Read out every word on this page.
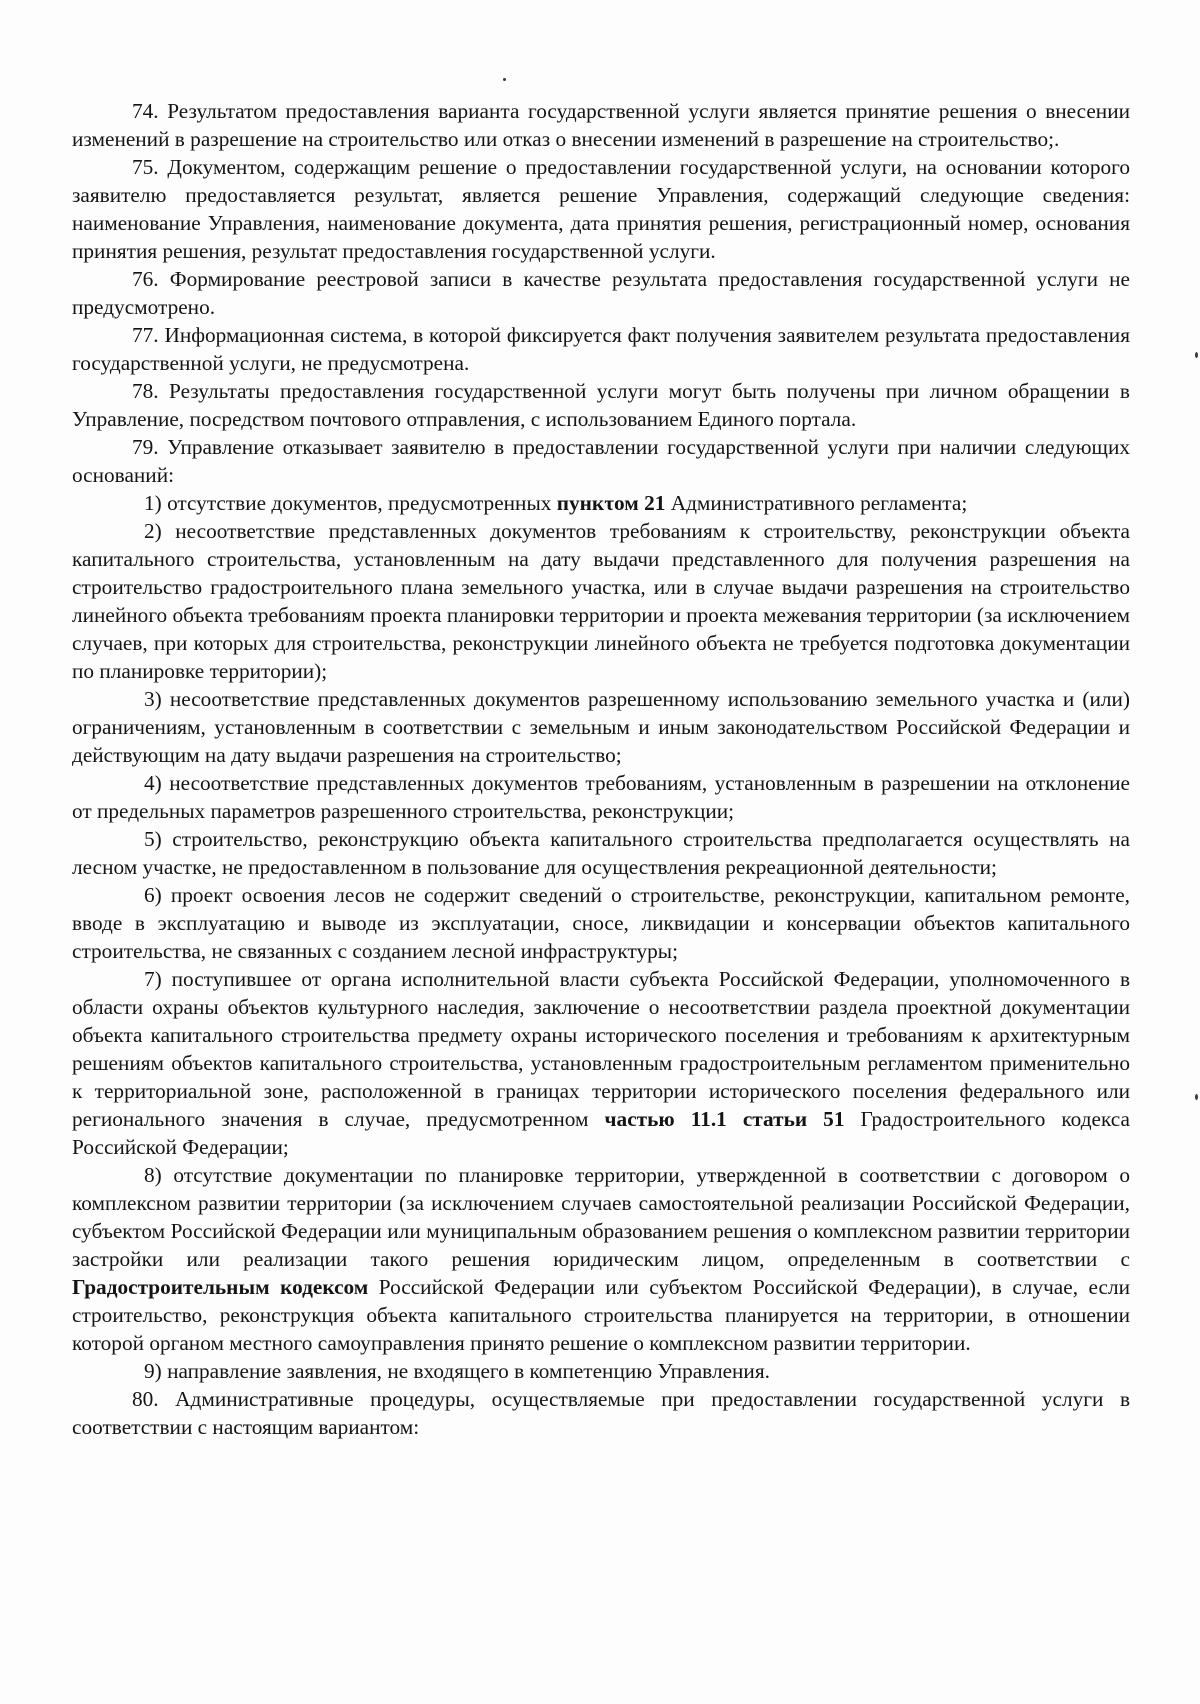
74. Результатом предоставления варианта государственной услуги является принятие решения о внесении изменений в разрешение на строительство или отказ о внесении изменений в разрешение на строительство;.

75. Документом, содержащим решение о предоставлении государственной услуги, на основании которого заявителю предоставляется результат, является решение Управления, содержащий следующие сведения: наименование Управления, наименование документа, дата принятия решения, регистрационный номер, основания принятия решения, результат предоставления государственной услуги.

76. Формирование реестровой записи в качестве результата предоставления государственной услуги не предусмотрено.

77. Информационная система, в которой фиксируется факт получения заявителем результата предоставления государственной услуги, не предусмотрена.

78. Результаты предоставления государственной услуги могут быть получены при личном обращении в Управление, посредством почтового отправления, с использованием Единого портала.

79. Управление отказывает заявителю в предоставлении государственной услуги при наличии следующих оснований:

1) отсутствие документов, предусмотренных пункτом 21 Административного регламента;

2) несоответствие представленных документов требованиям к строительству, реконструкции объекта капитального строительства, установленным на дату выдачи представленного для получения разрешения на строительство градостроительного плана земельного участка, или в случае выдачи разрешения на строительство линейного объекта требованиям проекта планировки территории и проекта межевания территории (за исключением случаев, при которых для строительства, реконструкции линейного объекта не требуется подготовка документации по планировке территории);

3) несоответствие представленных документов разрешенному использованию земельного участка и (или) ограничениям, установленным в соответствии с земельным и иным законодательством Российской Федерации и действующим на дату выдачи разрешения на строительство;

4) несоответствие представленных документов требованиям, установленным в разрешении на отклонение от предельных параметров разрешенного строительства, реконструкции;

5) строительство, реконструкцию объекта капитального строительства предполагается осуществлять на лесном участке, не предоставленном в пользование для осуществления рекреационной деятельности;

6) проект освоения лесов не содержит сведений о строительстве, реконструкции, капитальном ремонте, вводе в эксплуатацию и выводе из эксплуатации, сносе, ликвидации и консервации объектов капитального строительства, не связанных с созданием лесной инфраструктуры;

7) поступившее от органа исполнительной власти субъекта Российской Федерации, уполномоченного в области охраны объектов культурного наследия, заключение о несоответствии раздела проектной документации объекта капитального строительства предмету охраны исторического поселения и требованиям к архитектурным решениям объектов капитального строительства, установленным градостроительным регламентом применительно к территориальной зоне, расположенной в границах территории исторического поселения федерального или регионального значения в случае, предусмотренном частью 11.1 статьи 51 Градостроительного кодекса Российской Федерации;

8) отсутствие документации по планировке территории, утвержденной в соответствии с договором о комплексном развитии территории (за исключением случаев самостоятельной реализации Российской Федерации, субъектом Российской Федерации или муниципальным образованием решения о комплексном развитии территории застройки или реализации такого решения юридическим лицом, определенным в соответствии с Градостроительным кодексом Российской Федерации или субъектом Российской Федерации), в случае, если строительство, реконструкция объекта капитального строительства планируется на территории, в отношении которой органом местного самоуправления принято решение о комплексном развитии территории.

9) направление заявления, не входящего в компетенцию Управления.

80. Административные процедуры, осуществляемые при предоставлении государственной услуги в соответствии с настоящим вариантом:
